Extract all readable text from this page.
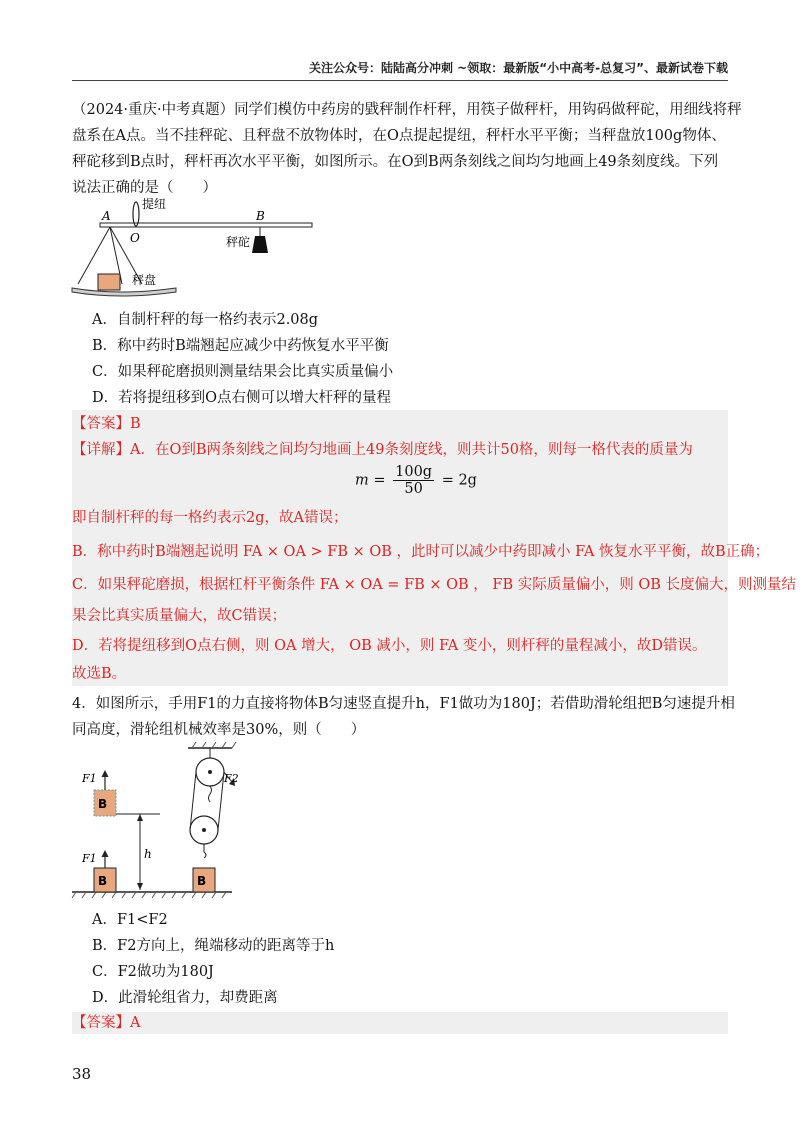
关注公众号：陆陆高分冲刺 ~领取：最新版“小中高考-总复习”、最新试卷下载
（2024·重庆·中考真题）同学们模仿中药房的戥秤制作杆秤，用筷子做秤杆，用钩码做秤砣，用细线将秤
盘系在A点。当不挂秤砣、且秤盘不放物体时，在O点提起提纽，秤杆水平平衡；当秤盘放100g物体、
秤砣移到B点时，秤杆再次水平平衡，如图所示。在O到B两条刻线之间均匀地画上49条刻度线。下列
说法正确的是（　　）
A
O
B
提纽
秤砣
秤盘
A．自制杆秤的每一格约表示2.08g
B．称中药时B端翘起应减少中药恢复水平平衡
C．如果秤砣磨损则测量结果会比真实质量偏小
D．若将提纽移到O点右侧可以增大杆秤的量程
【答案】B
【详解】A．在O到B两条刻线之间均匀地画上49条刻度线，则共计50格，则每一格代表的质量为
$m = \frac{100g}{50} = 2g$
即自制杆秤的每一格约表示2g，故A错误；
B．称中药时B端翘起说明 FA × OA > FB × OB ，此时可以减少中药即减小 FA 恢复水平平衡，故B正确；
C．如果秤砣磨损，根据杠杆平衡条件 FA × OA = FB × OB ， FB 实际质量偏小，则 OB 长度偏大，则测量结
果会比真实质量偏大，故C错误；
D．若将提纽移到O点右侧，则 OA 增大， OB 减小，则 FA 变小，则杆秤的量程减小，故D错误。
故选B。
4．如图所示，手用F1的力直接将物体B匀速竖直提升h，F1做功为180J；若借助滑轮组把B匀速提升相
同高度，滑轮组机械效率是30%，则（　　）
F1
B
F1
B
h
B
F2
A．F1<F2
B．F2方向上，绳端移动的距离等于h
C．F2做功为180J
D．此滑轮组省力，却费距离
【答案】A
38
